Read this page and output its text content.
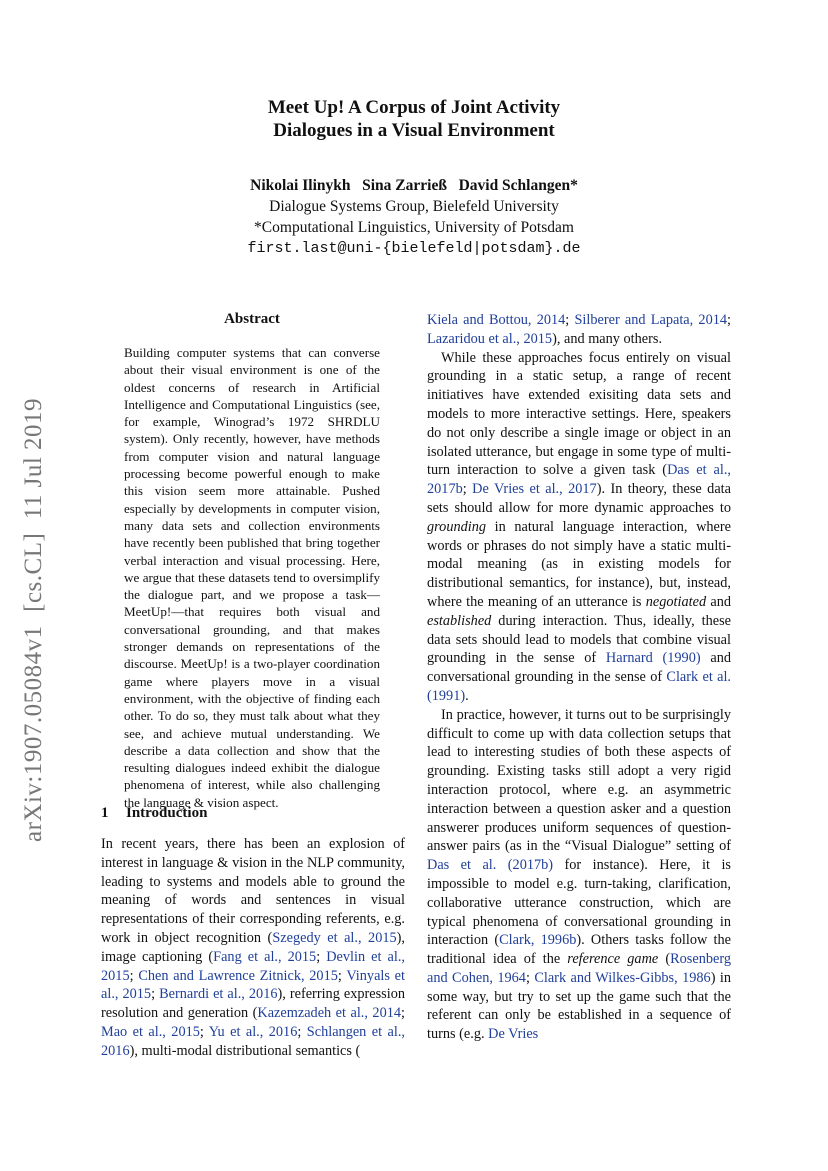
Meet Up! A Corpus of Joint Activity
Dialogues in a Visual Environment
Nikolai Ilinykh   Sina Zarrieß   David Schlangen*
Dialogue Systems Group, Bielefeld University
*Computational Linguistics, University of Potsdam
first.last@uni-{bielefeld|potsdam}.de
arXiv:1907.05084v1  [cs.CL]  11 Jul 2019
Abstract
Building computer systems that can converse about their visual environment is one of the oldest concerns of research in Artificial Intelligence and Computational Linguistics (see, for example, Winograd’s 1972 SHRDLU system). Only recently, however, have methods from computer vision and natural language processing become powerful enough to make this vision seem more attainable. Pushed especially by developments in computer vision, many data sets and collection environments have recently been published that bring together verbal interaction and visual processing. Here, we argue that these datasets tend to oversimplify the dialogue part, and we propose a task—MeetUp!—that requires both visual and conversational grounding, and that makes stronger demands on representations of the discourse. MeetUp! is a two-player coordination game where players move in a visual environment, with the objective of finding each other. To do so, they must talk about what they see, and achieve mutual understanding. We describe a data collection and show that the resulting dialogues indeed exhibit the dialogue phenomena of interest, while also challenging the language & vision aspect.
1 Introduction

In recent years, there has been an explosion of interest in language & vision in the NLP community, leading to systems and models able to ground the meaning of words and sentences in visual representations of their corresponding referents, e.g. work in object recognition (Szegedy et al., 2015), image captioning (Fang et al., 2015; Devlin et al., 2015; Chen and Lawrence Zitnick, 2015; Vinyals et al., 2015; Bernardi et al., 2016), referring expression resolution and generation (Kazemzadeh et al., 2014; Mao et al., 2015; Yu et al., 2016; Schlangen et al., 2016), multi-modal distributional semantics (

Kiela and Bottou, 2014; Silberer and Lapata, 2014; Lazaridou et al., 2015), and many others.

While these approaches focus entirely on visual grounding in a static setup, a range of recent initiatives have extended exisiting data sets and models to more interactive settings. Here, speakers do not only describe a single image or object in an isolated utterance, but engage in some type of multi-turn interaction to solve a given task (Das et al., 2017b; De Vries et al., 2017). In theory, these data sets should allow for more dynamic approaches to grounding in natural language interaction, where words or phrases do not simply have a static multi-modal meaning (as in existing models for distributional semantics, for instance), but, instead, where the meaning of an utterance is negotiated and established during interaction. Thus, ideally, these data sets should lead to models that combine visual grounding in the sense of Harnard (1990) and conversational grounding in the sense of Clark et al. (1991).

In practice, however, it turns out to be surprisingly difficult to come up with data collection setups that lead to interesting studies of both these aspects of grounding. Existing tasks still adopt a very rigid interaction protocol, where e.g. an asymmetric interaction between a question asker and a question answerer produces uniform sequences of question-answer pairs (as in the “Visual Dialogue” setting of Das et al. (2017b) for instance). Here, it is impossible to model e.g. turn-taking, clarification, collaborative utterance construction, which are typical phenomena of conversational grounding in interaction (Clark, 1996b). Others tasks follow the traditional idea of the reference game (Rosenberg and Cohen, 1964; Clark and Wilkes-Gibbs, 1986) in some way, but try to set up the game such that the referent can only be established in a sequence of turns (e.g. De Vries
